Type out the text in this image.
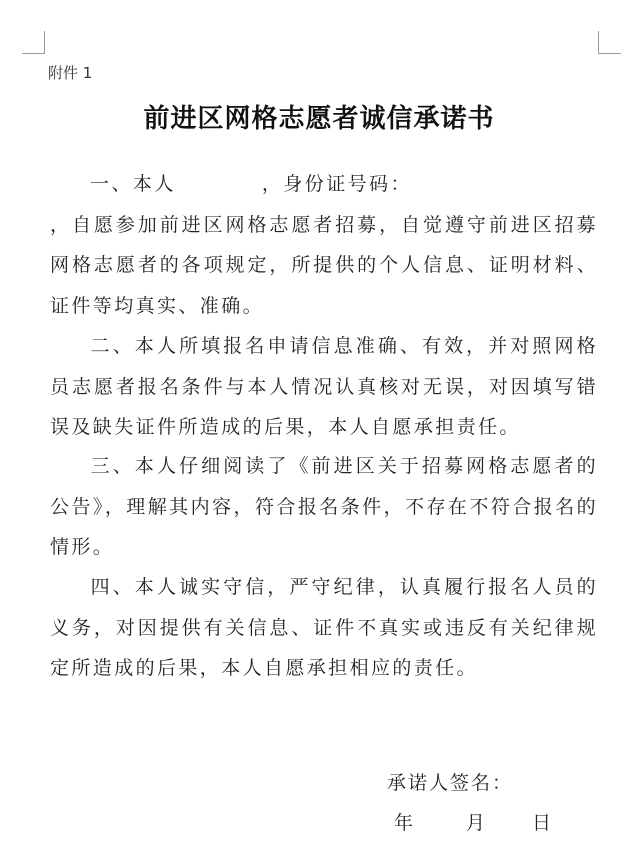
附件 1
前进区网格志愿者诚信承诺书

一、本人	，身份证号码：，自愿参加前进区网格志愿者招募，自觉遵守前进区招募网格志愿者的各项规定，所提供的个人信息、证明材料、证件等均真实、准确。

二、本人所填报名申请信息准确、有效，并对照网格员志愿者报名条件与本人情况认真核对无误，对因填写错误及缺失证件所造成的后果，本人自愿承担责任。

三、本人仔细阅读了《前进区关于招募网格志愿者的公告》，理解其内容，符合报名条件，不存在不符合报名的情形。

四、本人诚实守信，严守纪律，认真履行报名人员的义务，对因提供有关信息、证件不真实或违反有关纪律规定所造成的后果，本人自愿承担相应的责任。

承诺人签名：
年	月 日
